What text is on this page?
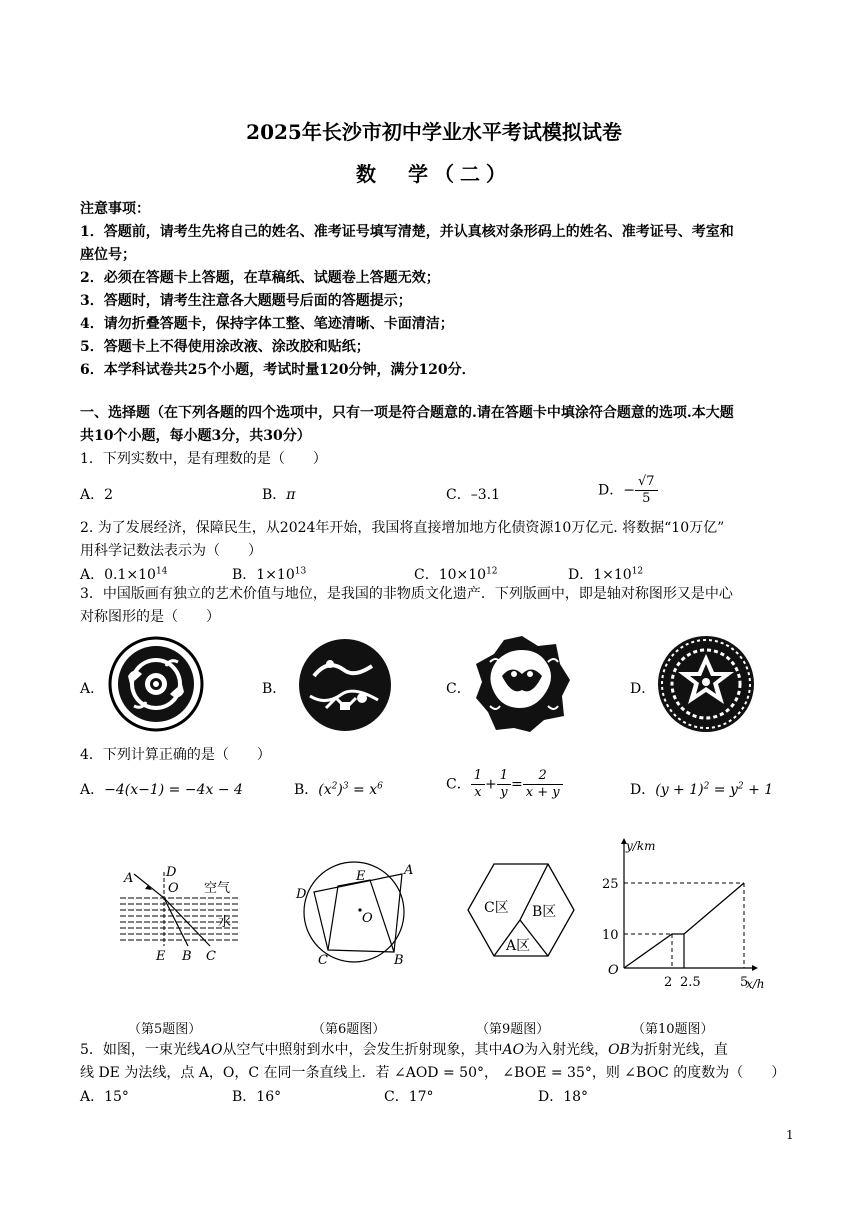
2025年长沙市初中学业水平考试模拟试卷
数　学（二）
注意事项：
1．答题前，请考生先将自己的姓名、准考证号填写清楚，并认真核对条形码上的姓名、准考证号、考室和
座位号；
2．必须在答题卡上答题，在草稿纸、试题卷上答题无效；
3．答题时，请考生注意各大题题号后面的答题提示；
4．请勿折叠答题卡，保持字体工整、笔迹清晰、卡面清洁；
5．答题卡上不得使用涂改液、涂改胶和贴纸；
6．本学科试卷共25个小题，考试时量120分钟，满分120分．
一、选择题（在下列各题的四个选项中，只有一项是符合题意的.请在答题卡中填涂符合题意的选项.本大题
共10个小题，每小题3分，共30分）
1．下列实数中，是有理数的是（　　）
A．2	B．π	C．–3.1	D．− $\frac{√7}{5}$
2. 为了发展经济，保障民生，从2024年开始，我国将直接增加地方化债资源10万亿元. 将数据“10万亿”
用科学记数法表示为（　　）
A．$0.1\times 10^{14}$	B．$1\times 10^{13}$	C．$10\times 10^{12}$	D．$1\times 10^{12}$
3．中国版画有独立的艺术价值与地位，是我国的非物质文化遗产．下列版画中，即是轴对称图形又是中心
对称图形的是（　　）
A．	B．	C．	D．
4．下列计算正确的是（　　）
A．−4(x−1) = −4x − 4	B．$(x^2)^3 = x^6$	C． $\frac{1}{x} + \frac{1}{y} = \frac{2}{x + y}$	D．$(y + 1)^2 = y^2 + 1$
A	D
O 空气
水
E B C
D
E	A
O
C	B
C区 B区
A区
y/km
x/h
O
25
10
2 2.5	5
（第5题图）	（第6题图）	（第9题图）	（第10题图）
5．如图，一束光线AO从空气中照射到水中，会发生折射现象，其中AO为入射光线，OB为折射光线，直
线 DE 为法线，点 A，O，C 在同一条直线上．若 ∠AOD = 50°， ∠BOE = 35°，则 ∠BOC 的度数为（　　）
A．15°	B．16°	C．17°	D．18°
1
